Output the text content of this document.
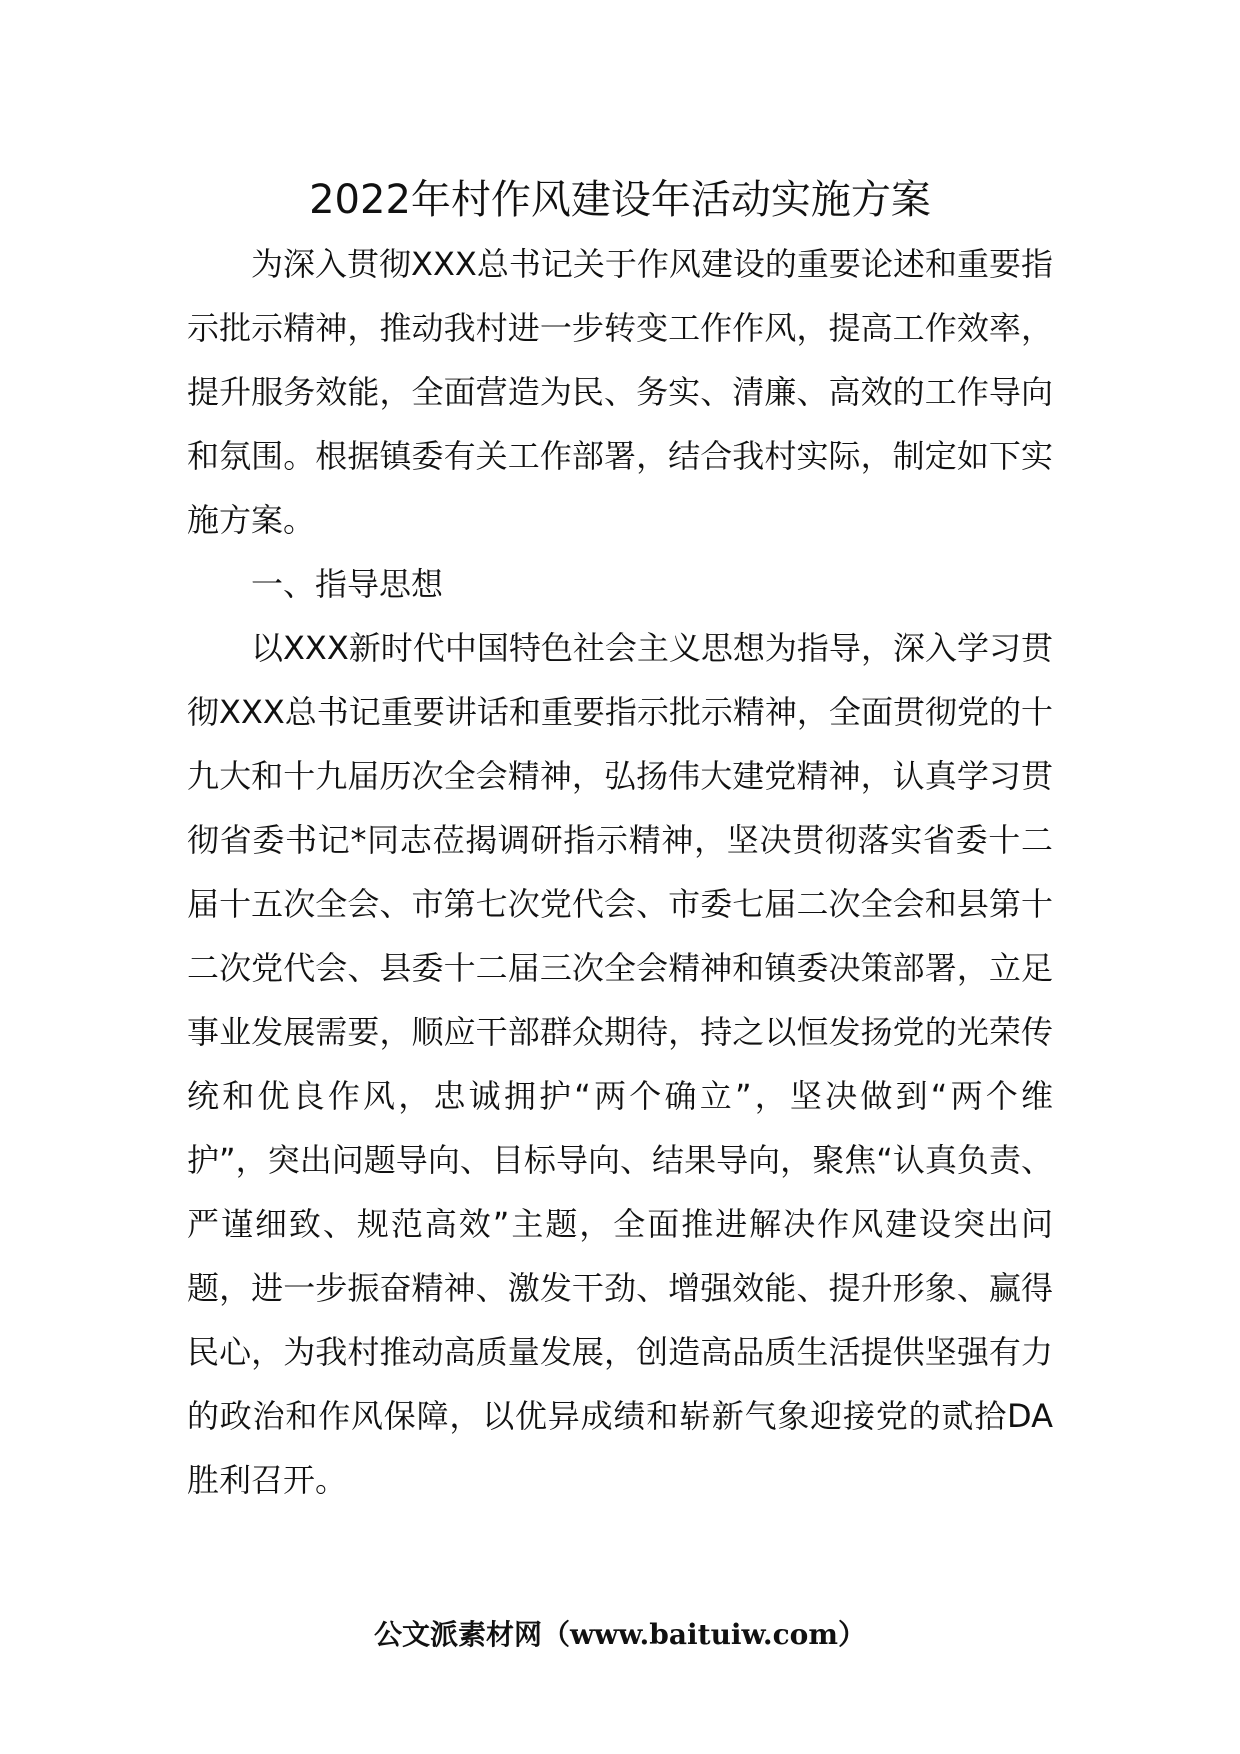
2022年村作风建设年活动实施方案

为深入贯彻XXX总书记关于作风建设的重要论述和重要指示批示精神，推动我村进一步转变工作作风，提高工作效率，提升服务效能，全面营造为民、务实、清廉、高效的工作导向和氛围。根据镇委有关工作部署，结合我村实际，制定如下实施方案。

一、指导思想

以XXX新时代中国特色社会主义思想为指导，深入学习贯彻XXX总书记重要讲话和重要指示批示精神，全面贯彻党的十九大和十九届历次全会精神，弘扬伟大建党精神，认真学习贯彻省委书记*同志莅揭调研指示精神，坚决贯彻落实省委十二届十五次全会、市第七次党代会、市委七届二次全会和县第十二次党代会、县委十二届三次全会精神和镇委决策部署，立足事业发展需要，顺应干部群众期待，持之以恒发扬党的光荣传统和优良作风，忠诚拥护“两个确立”，坚决做到“两个维护”，突出问题导向、目标导向、结果导向，聚焦“认真负责、严谨细致、规范高效”主题，全面推进解决作风建设突出问题，进一步振奋精神、激发干劲、增强效能、提升形象、赢得民心，为我村推动高质量发展，创造高品质生活提供坚强有力的政治和作风保障，以优异成绩和崭新气象迎接党的贰拾DA胜利召开。

公文派素材网（www.baituiw.com）
